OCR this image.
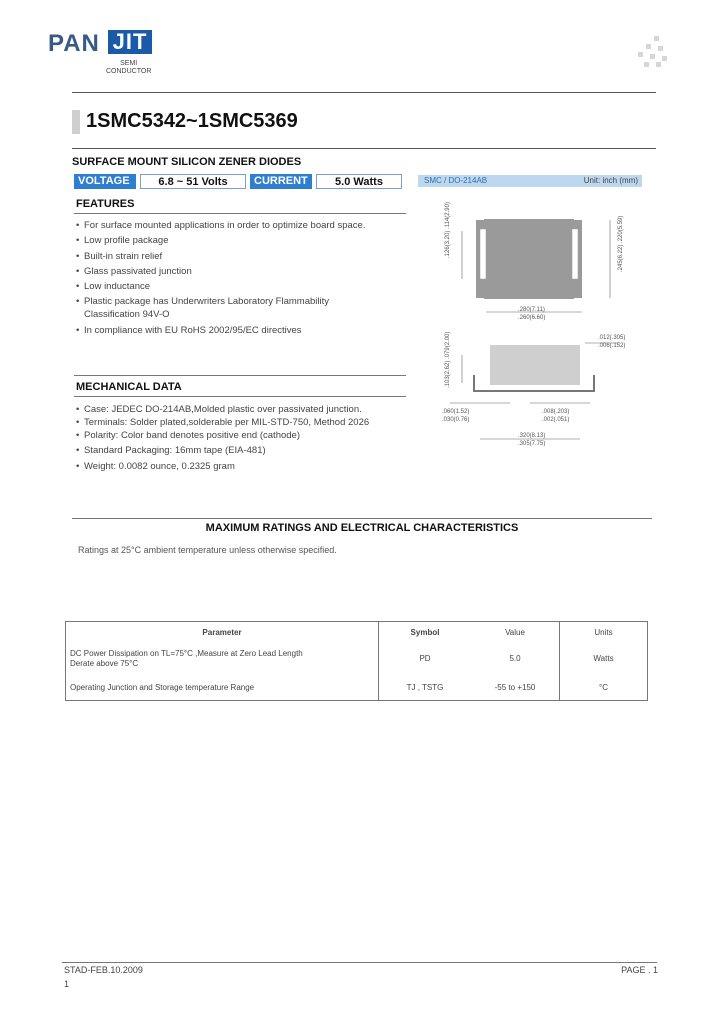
PAN JIT
SEMI
CONDUCTOR
1SMC5342~1SMC5369
SURFACE MOUNT SILICON ZENER DIODES
VOLTAGE	6.8 ~ 51 Volts	CURRENT	5.0 Watts	SMC / DO-214AB	Unit: inch (mm)
.126(3.20) .114(2.90)
.245(6.22) .220(5.59)
.280(7.11)
.260(6.60)
.012(.305)
.006(.152)
.103(2.62) .079(2.00)
.060(1.52)
.030(0.76)
.008(.203)
.002(.051)
.320(8.13)
.305(7.75)
FEATURES
• For surface mounted applications in order to optimize board space.
• Low profile package
• Built-in strain relief
• Glass passivated junction
• Low inductance
• Plastic package has Underwriters Laboratory Flammability
Classification 94V-O
• In compliance with EU RoHS 2002/95/EC directives
MECHANICAL DATA
• Case: JEDEC DO-214AB,Molded plastic over passivated junction.
• Terminals: Solder plated,solderable per MIL-STD-750, Method 2026
• Polarity: Color band denotes positive end (cathode)
• Standard Packaging: 16mm tape (EIA-481)
• Weight: 0.0082 ounce, 0.2325 gram
MAXIMUM RATINGS AND ELECTRICAL CHARACTERISTICS
Ratings at 25°C ambient temperature unless otherwise specified.
Parameter	Symbol	Value	Units

DC Power Dissipation on TL=75°C ,Measure at Zero Lead Length
Derate above 75°C	PD	5.0	Watts
Operating Junction and Storage temperature Range	TJ , TSTG	-55 to +150	°C
STAD-FEB.10.2009	PAGE . 1
1
